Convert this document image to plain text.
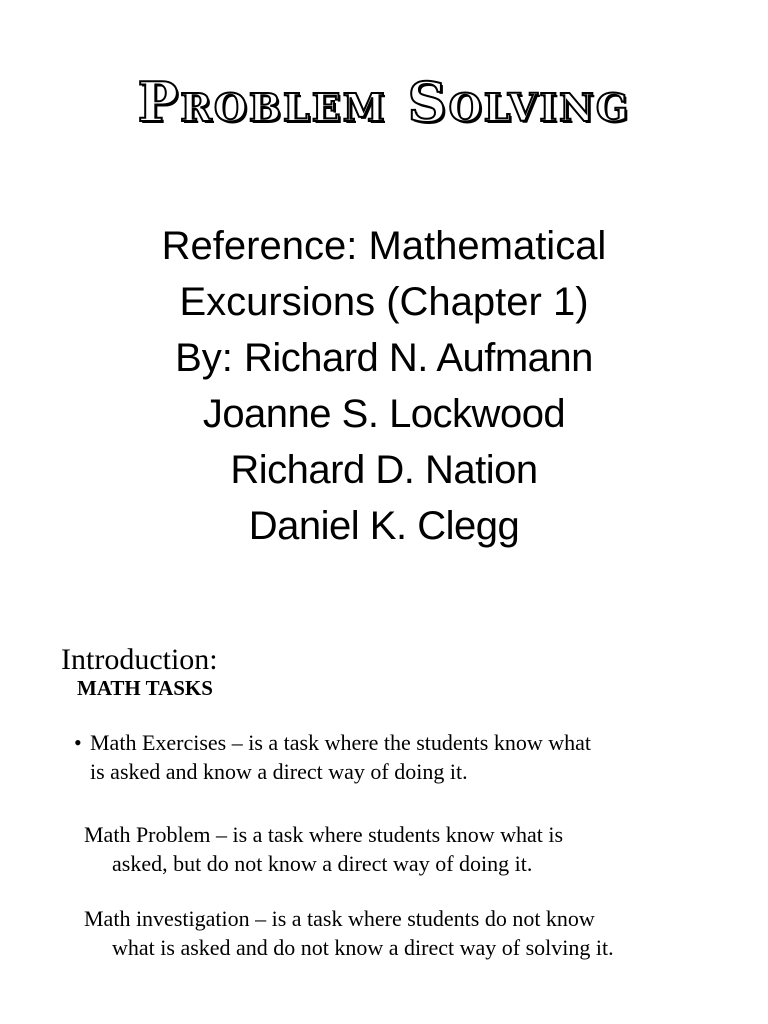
Problem Solving
Reference: Mathematical
Excursions (Chapter 1)
By: Richard N. Aufmann
Joanne S. Lockwood
Richard D. Nation
Daniel K. Clegg
Introduction:
MATH TASKS
• Math Exercises – is a task where the students know what
is asked and know a direct way of doing it.
Math Problem – is a task where students know what is
asked, but do not know a direct way of doing it.
Math investigation – is a task where students do not know
what is asked and do not know a direct way of solving it.
